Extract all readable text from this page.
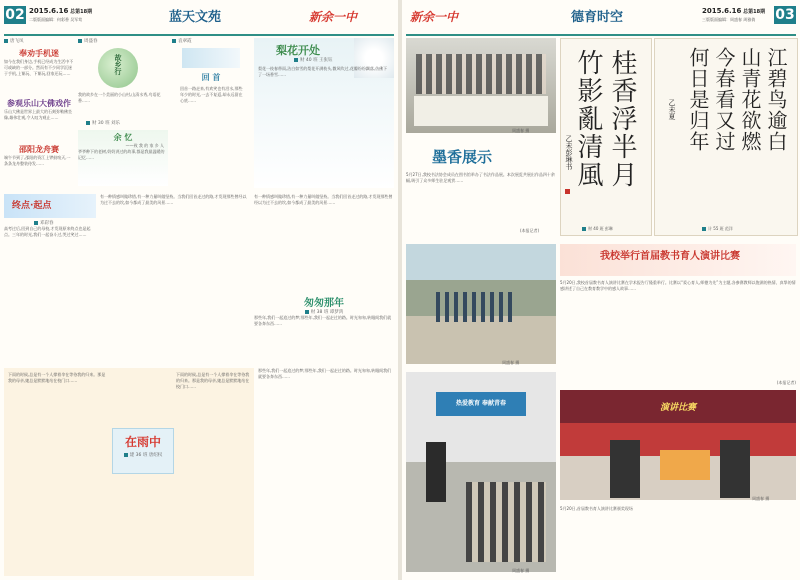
02 2015.6.16 总第18期
二版版面编辑：何彩香 吴军莺	蓝天文苑	新余一中
唐飞凤
奉劝手机迷
如今在我们身边,手机已经成为生活中不可或缺的一部分。然而有不少同学沉迷于手机,上课玩、下课玩,回家还玩……
参观乐山大佛戏作
乐山大佛是世界上最大的石刻弥勒佛坐像,雄伟壮观,令人叹为观止……
邵阳龙舟赛
端午节到了,邵阳的资江上锣鼓喧天,一条条龙舟整装待发……
周盛春
故乡行
我的故乡在一个美丽的小山村,山清水秀,鸟语花香……
财 30 班 刘乐
余 忆
——致 我 的 家 乡 人
爷爷种下的老树,奶奶讲过的故事,都是我最温暖的记忆……
袁翠霞
回 首
回首一路走来,有欢笑也有泪水,那些年少的时光,一去不复返,却永远留在心底……
梨花开处
财 40 班 王张钰
梨花一枝春带雨,洁白如雪的梨花开满枝头,微风吹过,花瓣纷纷飘落,仿佛下了一场香雪……
终点·起点
邓彩春
高考过后,回到自己的母校,才发现原来终点也是起点。三年的时光,我们一起奋斗过,哭过笑过……
有一种情感叫做珍惜,有一种力量叫做坚持。当我们回首走过的路,才发现那些曾经以为过不去的坎,如今都成了最美的风景……
有一种情感叫做珍惜,有一种力量叫做坚持。当我们回首走过的路,才发现那些曾经以为过不去的坎,如今都成了最美的风景……
匆匆那年
财 38 班 谭梦鸿
那些年,我们一起追过的梦;那些年,我们一起走过的路。时光匆匆,转眼间我们就要各奔东西……
下雨的时候,总是有一个人撑着伞在等待我的归来。那是我的母亲,她总是默默地站在校门口……
在雨中
建 36 班 唐绍权
下雨的时候,总是有一个人撑着伞在等待我的归来。那是我的母亲,她总是默默地站在校门口……
那些年,我们一起追过的梦;那些年,我们一起走过的路。时光匆匆,转眼间我们就要各奔东西……
新余一中	德育时空	2015.6.16 总第18期
三版版面编辑：周盛春 周雅倩 03
周盛春 摄
墨香展示
5月27日,我校书法协会成员在图书馆举办了书法作品展。本次展览共展出作品四十余幅,吸引了众多师生驻足观赏……
(本报记者)
桂香浮半月
竹影亂清風
乙未彭琳书
财 40 班 彭琳
江碧鸟逾白
山青花欲燃
今春看又过
何日是归年
乙未夏
计 55 班 范洋
周盛春 摄
热爱教育 奉献青春
周盛春 摄
我校举行首届教书育人演讲比赛
5月20日,我校首届教书育人演讲比赛在学术报告厅隆重举行。比赛以“爱心育人,师德为先”为主题,各参赛教师以饱满的热情、真挚的情感讲述了自己在教育教学中的感人故事……
(本报记者)
演讲比赛
周盛春 摄
5月20日,首届教书育人演讲比赛颁奖现场
